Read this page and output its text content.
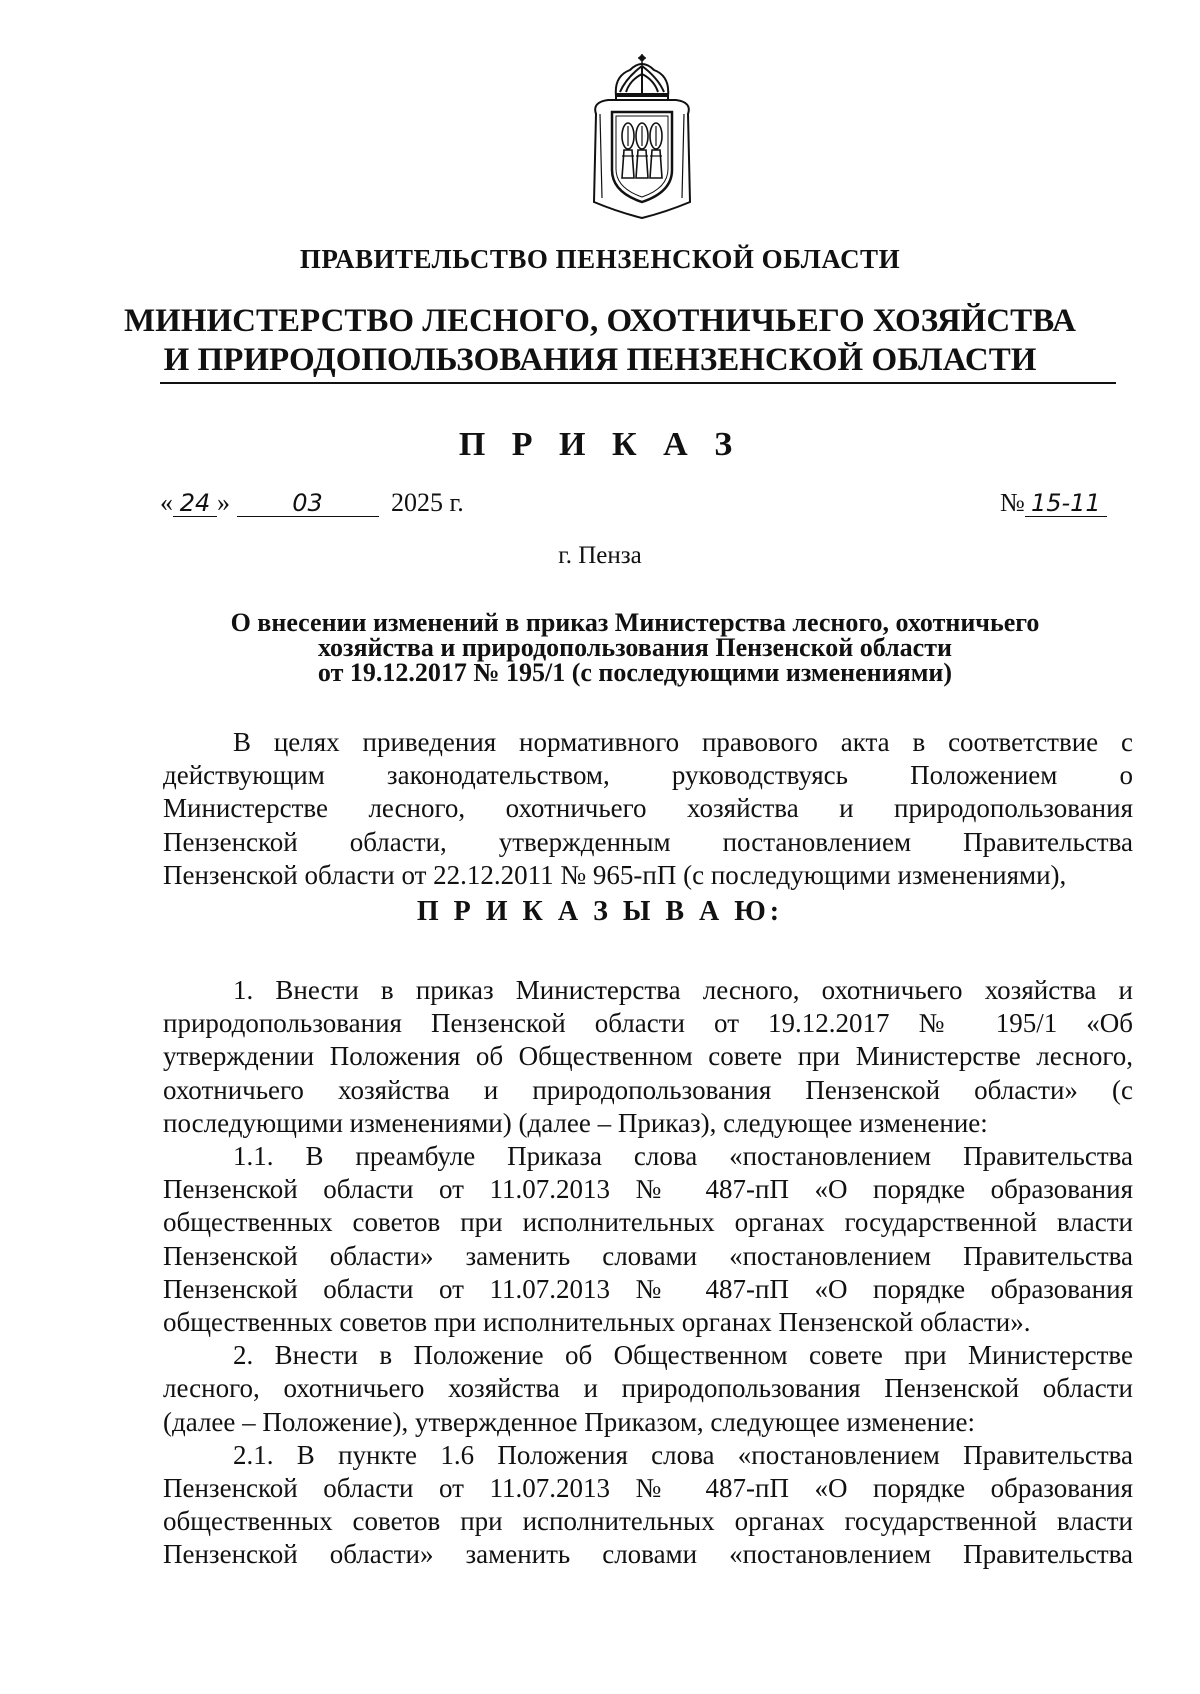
ПРАВИТЕЛЬСТВО ПЕНЗЕНСКОЙ ОБЛАСТИ
МИНИСТЕРСТВО ЛЕСНОГО, ОХОТНИЧЬЕГО ХОЗЯЙСТВА
И ПРИРОДОПОЛЬЗОВАНИЯ ПЕНЗЕНСКОЙ ОБЛАСТИ
П Р И К А З
« 24 »	03	2025 г.	№ 15-11
г. Пенза
О внесении изменений в приказ Министерства лесного, охотничьего
хозяйства и природопользования Пензенской области
от 19.12.2017 № 195/1 (с последующими изменениями)
В целях приведения нормативного правового акта в соответствие с
действующим законодательством, руководствуясь Положением о
Министерстве лесного, охотничьего хозяйства и природопользования
Пензенской области, утвержденным постановлением Правительства
Пензенской области от 22.12.2011 № 965-пП (с последующими изменениями),
П Р И К А З Ы В А Ю:
1. Внести в приказ Министерства лесного, охотничьего хозяйства и
природопользования Пензенской области от 19.12.2017 № 195/1 «Об
утверждении Положения об Общественном совете при Министерстве лесного,
охотничьего хозяйства и природопользования Пензенской области» (с
последующими изменениями) (далее – Приказ), следующее изменение:
1.1. В преамбуле Приказа слова «постановлением Правительства
Пензенской области от 11.07.2013 № 487-пП «О порядке образования
общественных советов при исполнительных органах государственной власти
Пензенской области» заменить словами «постановлением Правительства
Пензенской области от 11.07.2013 № 487-пП «О порядке образования
общественных советов при исполнительных органах Пензенской области».
2. Внести в Положение об Общественном совете при Министерстве
лесного, охотничьего хозяйства и природопользования Пензенской области
(далее – Положение), утвержденное Приказом, следующее изменение:
2.1. В пункте 1.6 Положения слова «постановлением Правительства
Пензенской области от 11.07.2013 № 487-пП «О порядке образования
общественных советов при исполнительных органах государственной власти
Пензенской области» заменить словами «постановлением Правительства
